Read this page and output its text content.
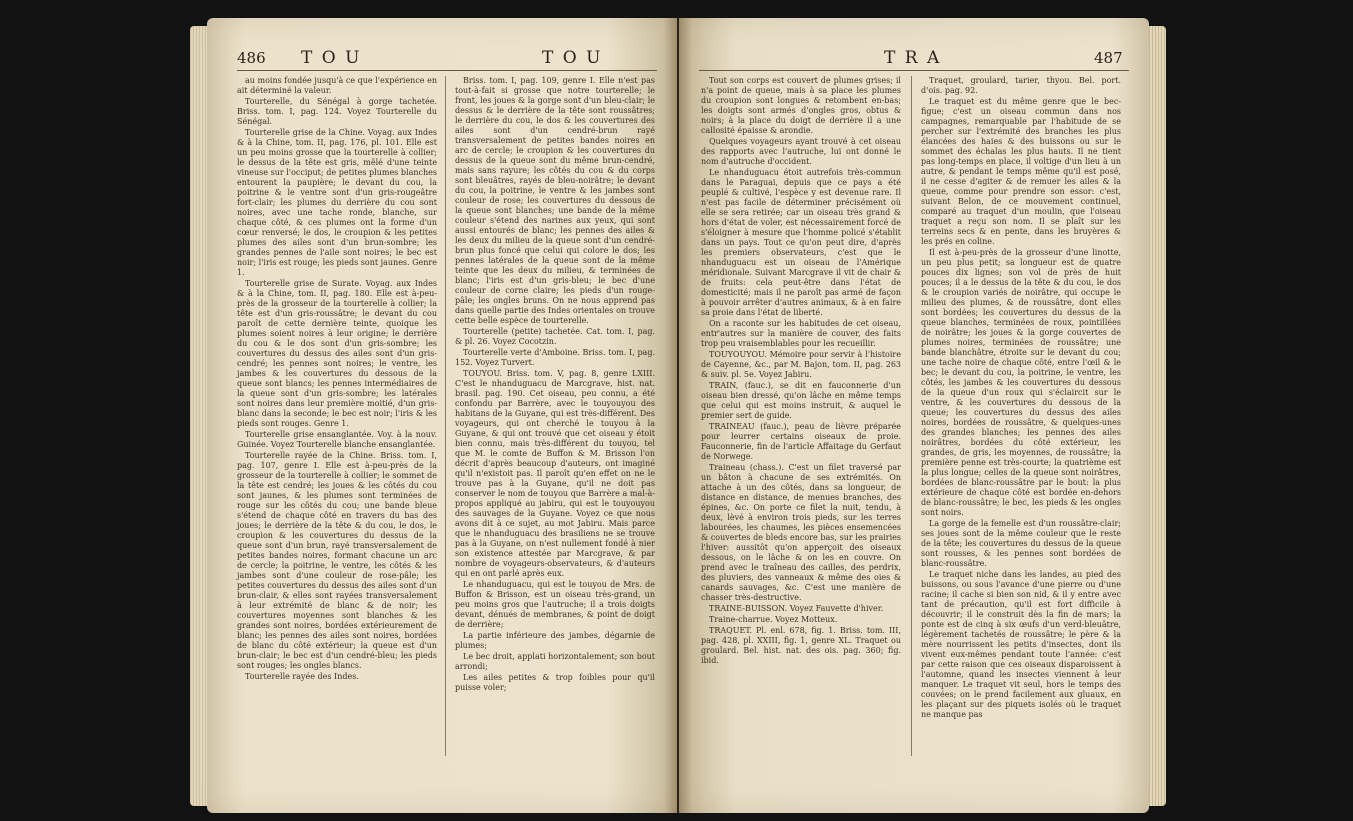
486 T O U	T O U

au moins fondée jusqu'à ce que l'expérience en ait déterminé la valeur.

Tourterelle, du Sénégal à gorge tachetée. Briss. tom. I, pag. 124. Voyez Tourterelle du Sénégal.

Tourterelle grise de la Chine. Voyag. aux Indes & à la Chine, tom. II, pag. 176, pl. 101. Elle est un peu moins grosse que la tourterelle à collier; le dessus de la tête est gris, mêlé d'une teinte vineuse sur l'occiput; de petites plumes blanches entourent la paupière; le devant du cou, la poitrine & le ventre sont d'un gris-rougeâtre fort-clair; les plumes du derrière du cou sont noires, avec une tache ronde, blanche, sur chaque côté, & ces plumes ont la forme d'un cœur renversé; le dos, le croupion & les petites plumes des ailes sont d'un brun-sombre; les grandes pennes de l'aile sont noires; le bec est noir; l'iris est rouge; les pieds sont jaunes. Genre 1.

Tourterelle grise de Surate. Voyag. aux Indes & à la Chine, tom. II, pag. 180. Elle est à-peu-près de la grosseur de la tourterelle à collier; la tête est d'un gris-roussâtre; le devant du cou paroît de cette dernière teinte, quoique les plumes soient noires à leur origine; le derrière du cou & le dos sont d'un gris-sombre; les couvertures du dessus des ailes sont d'un gris-cendré; les pennes sont noires; le ventre, les jambes & les couvertures du dessous de la queue sont blancs; les pennes intermédiaires de la queue sont d'un gris-sombre; les latérales sont noires dans leur première moitié, d'un gris-blanc dans la seconde; le bec est noir; l'iris & les pieds sont rouges. Genre 1.

Tourterelle grise ensanglantée. Voy. à la nouv. Guinée. Voyez Tourterelle blanche ensanglantée.

Tourterelle rayée de la Chine. Briss. tom. I, pag. 107, genre I. Elle est à-peu-près de la grosseur de la tourterelle à collier; le sommet de la tête est cendré; les joues & les côtés du cou sont jaunes, & les plumes sont terminées de rouge sur les côtés du cou; une bande bleue s'étend de chaque côté en travers du bas des joues; le derrière de la tête & du cou, le dos, le croupion & les couvertures du dessus de la queue sont d'un brun, rayé transversalement de petites bandes noires, formant chacune un arc de cercle; la poitrine, le ventre, les côtés & les jambes sont d'une couleur de rose-pâle; les petites couvertures du dessus des ailes sont d'un brun-clair, & elles sont rayées transversalement à leur extrémité de blanc & de noir; les couvertures moyennes sont blanches & les grandes sont noires, bordées extérieurement de blanc; les pennes des ailes sont noires, bordées de blanc du côté extérieur; la queue est d'un brun-clair; le bec est d'un cendré-bleu; les pieds sont rouges; les ongles blancs.

Tourterelle rayée des Indes.

Briss. tom. I, pag. 109, genre I. Elle n'est pas tout-à-fait si grosse que notre tourterelle; le front, les joues & la gorge sont d'un bleu-clair; le dessus & le derrière de la tête sont roussâtres; le derrière du cou, le dos & les couvertures des ailes sont d'un cendré-brun rayé transversalement de petites bandes noires en arc de cercle; le croupion & les couvertures du dessus de la queue sont du même brun-cendré, mais sans rayure; les côtés du cou & du corps sont bleuâtres, rayés de bleu-noirâtre; le devant du cou, la poitrine, le ventre & les jambes sont couleur de rose; les couvertures du dessous de la queue sont blanches; une bande de la même couleur s'étend des narines aux yeux, qui sont aussi entourés de blanc; les pennes des ailes & les deux du milieu de la queue sont d'un cendré-brun plus foncé que celui qui colore le dos; les pennes latérales de la queue sont de la même teinte que les deux du milieu, & terminées de blanc; l'iris est d'un gris-bleu; le bec d'une couleur de corne claire; les pieds d'un rouge-pâle; les ongles bruns. On ne nous apprend pas dans quelle partie des Indes orientales on trouve cette belle espèce de tourterelle.

Tourterelle (petite) tachetée. Cat. tom. I, pag. & pl. 26. Voyez Cocotzin.

Tourterelle verte d'Amboine. Briss. tom. I, pag. 152. Voyez Turvert.

TOUYOU. Briss. tom. V, pag. 8, genre LXIII. C'est le nhanduguacu de Marcgrave, hist. nat. brasil. pag. 190. Cet oiseau, peu connu, a été confondu par Barrère, avec le touyouyou des habitans de la Guyane, qui est très-différent. Des voyageurs, qui ont cherché le touyou à la Guyane, & qui ont trouvé que cet oiseau y étoit bien connu, mais très-différent du touyou, tel que M. le comte de Buffon & M. Brisson l'on décrit d'après beaucoup d'auteurs, ont imaginé qu'il n'existoit pas. Il paroît qu'en effet on ne le trouve pas à la Guyane, qu'il ne doit pas conserver le nom de touyou que Barrère a mal-à-propos appliqué au jabiru, qui est le touyouyou des sauvages de la Guyane. Voyez ce que nous avons dit à ce sujet, au mot Jabiru. Mais parce que le nhanduguacu des brasiliens ne se trouve pas à la Guyane, on n'est nullement fondé à nier son existence attestée par Marcgrave, & par nombre de voyageurs-observateurs, & d'auteurs qui en ont parlé après eux.

Le nhanduguacu, qui est le touyou de Mrs. de Buffon & Brisson, est un oiseau très-grand, un peu moins gros que l'autruche; il a trois doigts devant, dénués de membranes, & point de doigt de derrière;

La partie inférieure des jambes, dégarnie de plumes;

Le bec droit, applati horizontalement; son bout arrondi;

Les ailes petites & trop foibles pour qu'il puisse voler;

T R A	487

Tout son corps est couvert de plumes grises; il n'a point de queue, mais à sa place les plumes du croupion sont longues & retombent en-bas; les doigts sont armés d'ongles gros, obtus & noirs; à la place du doigt de derrière il a une callosité épaisse & arondie.

Quelques voyageurs ayant trouvé à cet oiseau des rapports avec l'autruche, lui ont donné le nom d'autruche d'occident.

Le nhanduguacu étoit autrefois très-commun dans le Paraguai, depuis que ce pays a été peuplé & cultivé, l'espèce y est devenue rare. Il n'est pas facile de déterminer précisément où elle se sera retirée; car un oiseau très grand & hors d'état de voler, est nécessairement forcé de s'éloigner à mesure que l'homme policé s'établit dans un pays. Tout ce qu'on peut dire, d'après les premiers observateurs, c'est que le nhanduguacu est un oiseau de l'Amérique méridionale. Suivant Marcgrave il vit de chair & de fruits: cela peut-être dans l'état de domesticité; mais il ne paroît pas armé de façon à pouvoir arrêter d'autres animaux, & à en faire sa proie dans l'état de liberté.

On a raconte sur les habitudes de cet oiseau, entr'autres sur la manière de couver, des faits trop peu vraisemblables pour les recueillir.

TOUYOUYOU. Mémoire pour servir à l'histoire de Cayenne, &c., par M. Bajon, tom. II, pag. 263 & suiv. pl. 5e. Voyez Jabiru.

TRAIN, (fauc.), se dit en fauconnerie d'un oiseau bien dressé, qu'on lâche en même temps que celui qui est moins instruit, & auquel le premier sert de guide.

TRAINEAU (fauc.), peau de lièvre préparée pour leurrer certains oiseaux de proie. Fauconnerie, fin de l'article Affaitage du Gerfaut de Norwege.

Traineau (chass.). C'est un filet traversé par un bâton à chacune de ses extrémités. On attache à un des côtés, dans sa longueur, de distance en distance, de menues branches, des épines, &c. On porte ce filet la nuit, tendu, à deux, lèvé à environ trois pieds, sur les terres labourées, les chaumes, les pièces ensemencées & couvertes de bleds encore bas, sur les prairies l'hiver: aussitôt qu'on apperçoit des oiseaux dessous, on le lâche & on les en couvre. On prend avec le traîneau des cailles, des perdrix, des pluviers, des vanneaux & même des oies & canards sauvages, &c. C'est une manière de chasser très-destructive.

TRAINE-BUISSON. Voyez Fauvette d'hiver.

Traine-charrue. Voyez Motteux.

TRAQUET. Pl. enl. 678, fig. 1. Briss. tom. III, pag. 428, pl. XXIII, fig. 1, genre XL. Traquet ou groulard. Bel. hist. nat. des ois. pag. 360; fig. ibid.

Traquet, groulard, tarier, thyou. Bel. port. d'ois. pag. 92.

Le traquet est du même genre que le bec-figue; c'est un oiseau commun dans nos campagnes, remarquable par l'habitude de se percher sur l'extrémité des branches les plus élancées des haies & des buissons ou sur le sommet des échalas les plus hauts. Il ne tient pas long-temps en place, il voltige d'un lieu à un autre, & pendant le temps même qu'il est posé, il ne cesse d'agiter & de remuer les ailes & la queue, comme pour prendre son essor: c'est, suivant Belon, de ce mouvement continuel, comparé au traquet d'un moulin, que l'oiseau traquet a reçu son nom. Il se plaît sur les terreins secs & en pente, dans les bruyères & les prés en coline.

Il est à-peu-près de la grosseur d'une linotte, un peu plus petit; sa longueur est de quatre pouces dix lignes; son vol de près de huit pouces; il a le dessus de la tête & du cou, le dos & le croupion variés de noirâtre, qui occupe le milieu des plumes, & de roussâtre, dont elles sont bordées; les couvertures du dessus de la queue blanches, terminées de roux, pointillées de noirâtre; les joues & la gorge couvertes de plumes noires, terminées de roussâtre; une bande blanchâtre, étroite sur le devant du cou; une tache noire de chaque côté, entre l'œil & le bec; le devant du cou, la poitrine, le ventre, les côtés, les jambes & les couvertures du dessous de la queue d'un roux qui s'éclaircit sur le ventre, & les couvertures du dessous de la queue; les couvertures du dessus des ailes noires, bordées de roussâtre, & quelques-unes des grandes blanches; les pennes des ailes noirâtres, bordées du côté extérieur, les grandes, de gris, les moyennes, de roussâtre; la première penne est très-courte; la quatrième est la plus longue; celles de la queue sont noirâtres, bordées de blanc-roussâtre par le bout: la plus extérieure de chaque côté est bordée en-dehors de blanc-roussâtre; le bec, les pieds & les ongles sont noirs.

La gorge de la femelle est d'un roussâtre-clair; ses joues sont de la même couleur que le reste de la tête; les couvertures du dessus de la queue sont rousses, & les pennes sont bordées de blanc-roussâtre.

Le traquet niche dans les landes, au pied des buissons, ou sous l'avance d'une pierre ou d'une racine; il cache si bien son nid, & il y entre avec tant de précaution, qu'il est fort difficile à découvrir; il le construit dès la fin de mars; la ponte est de cinq à six œufs d'un verd-bleuâtre, légèrement tachetés de roussâtre; le père & la mère nourrissent les petits d'insectes, dont ils vivent eux-mêmes pendant toute l'année: c'est par cette raison que ces oiseaux disparoissent à l'automne, quand les insectes viennent à leur manquer. Le traquet vit seul, hors le temps des couvées; on le prend facilement aux gluaux, en les plaçant sur des piquets isolés où le traquet ne manque pas
